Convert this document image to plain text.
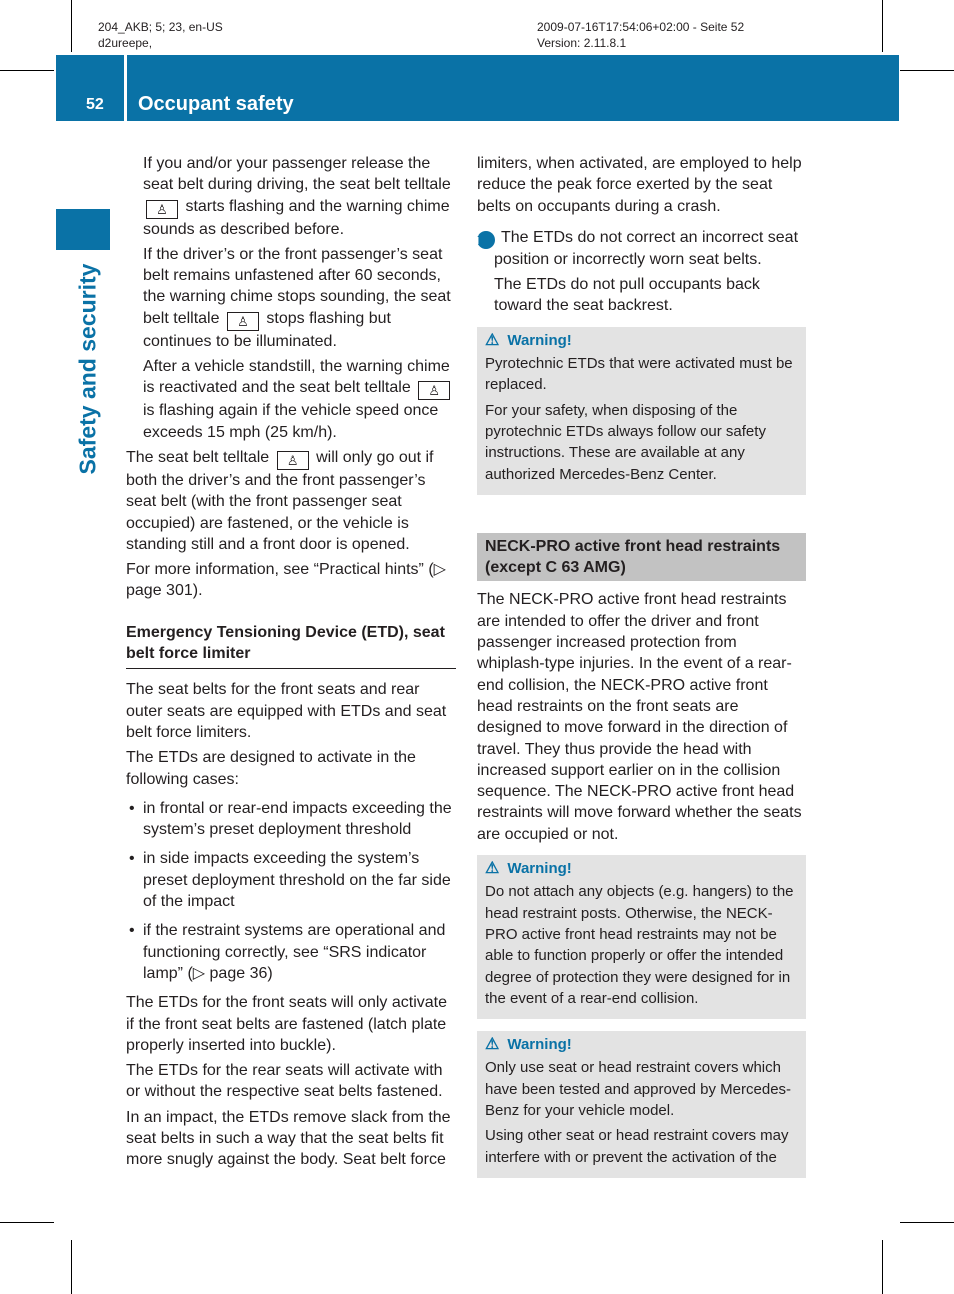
204_AKB; 5; 23, en-US
d2ureepe,
2009-07-16T17:54:06+02:00 - Seite 52
Version: 2.11.8.1
52	Occupant safety
Safety and security

If you and/or your passenger release the seat belt during driving, the seat belt telltale ♙ starts flashing and the warning chime sounds as described before.

If the driver’s or the front passenger’s seat belt remains unfastened after 60 seconds, the warning chime stops sounding, the seat belt telltale ♙ stops flashing but continues to be illuminated.

After a vehicle standstill, the warning chime is reactivated and the seat belt telltale ♙ is flashing again if the vehicle speed once exceeds 15 mph (25 km/h).

The seat belt telltale ♙ will only go out if both the driver’s and the front passenger’s seat belt (with the front passenger seat occupied) are fastened, or the vehicle is standing still and a front door is opened.

For more information, see “Practical hints” (▷ page 301).

Emergency Tensioning Device (ETD), seat belt force limiter

The seat belts for the front seats and rear outer seats are equipped with ETDs and seat belt force limiters.

The ETDs are designed to activate in the following cases:

• in frontal or rear-end impacts exceeding the system’s preset deployment threshold
• in side impacts exceeding the system’s preset deployment threshold on the far side of the impact
• if the restraint systems are operational and functioning correctly, see “SRS indicator lamp” (▷ page 36)

The ETDs for the front seats will only activate if the front seat belts are fastened (latch plate properly inserted into buckle).

The ETDs for the rear seats will activate with or without the respective seat belts fastened.

In an impact, the ETDs remove slack from the seat belts in such a way that the seat belts fit more snugly against the body. Seat belt force

limiters, when activated, are employed to help reduce the peak force exerted by the seat belts on occupants during a crash.

i The ETDs do not correct an incorrect seat position or incorrectly worn seat belts.

The ETDs do not pull occupants back toward the seat backrest.

⚠ Warning!

Pyrotechnic ETDs that were activated must be replaced.

For your safety, when disposing of the pyrotechnic ETDs always follow our safety instructions. These are available at any authorized Mercedes-Benz Center.

NECK-PRO active front head restraints (except C 63 AMG)

The NECK-PRO active front head restraints are intended to offer the driver and front passenger increased protection from whiplash-type injuries. In the event of a rear-end collision, the NECK-PRO active front head restraints on the front seats are designed to move forward in the direction of travel. They thus provide the head with increased support earlier on in the collision sequence. The NECK-PRO active front head restraints will move forward whether the seats are occupied or not.

⚠ Warning!

Do not attach any objects (e.g. hangers) to the head restraint posts. Otherwise, the NECK-PRO active front head restraints may not be able to function properly or offer the intended degree of protection they were designed for in the event of a rear-end collision.

⚠ Warning!

Only use seat or head restraint covers which have been tested and approved by Mercedes-Benz for your vehicle model.

Using other seat or head restraint covers may interfere with or prevent the activation of the
